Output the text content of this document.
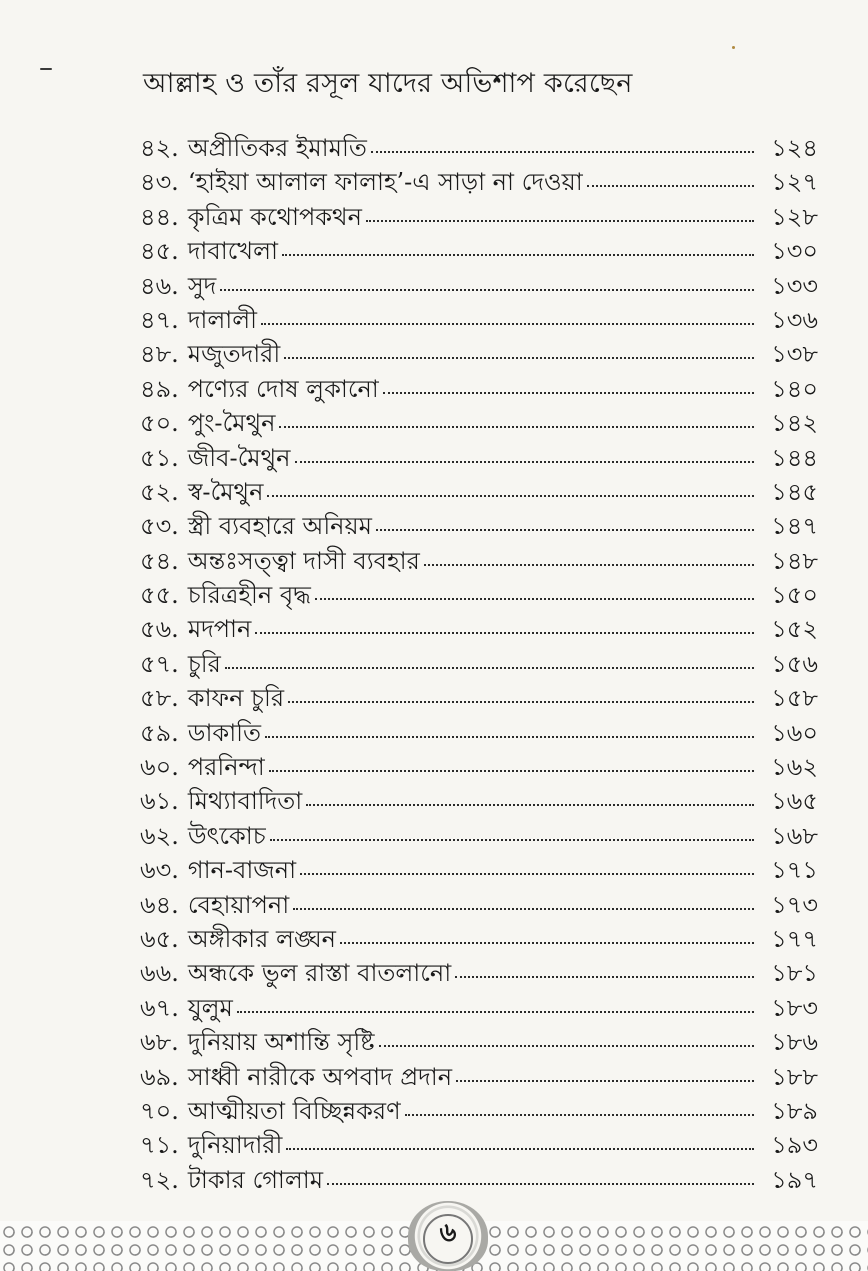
আল্লাহ ও তাঁর রসূল যাদের অভিশাপ করেছেন
৪২. অপ্রীতিকর ইমামতি	১২৪
৪৩. ‘হাইয়া আলাল ফালাহ’-এ সাড়া না দেওয়া	১২৭
৪৪. কৃত্রিম কথোপকথন	১২৮
৪৫. দাবাখেলা	১৩০
৪৬. সুদ	১৩৩
৪৭. দালালী	১৩৬
৪৮. মজুতদারী	১৩৮
৪৯. পণ্যের দোষ লুকানো	১৪০
৫০. পুং-মৈথুন	১৪২
৫১. জীব-মৈথুন	১৪৪
৫২. স্ব-মৈথুন	১৪৫
৫৩. স্ত্রী ব্যবহারে অনিয়ম	১৪৭
৫৪. অন্তঃসত্ত্বা দাসী ব্যবহার	১৪৮
৫৫. চরিত্রহীন বৃদ্ধ	১৫০
৫৬. মদপান	১৫২
৫৭. চুরি	১৫৬
৫৮. কাফন চুরি	১৫৮
৫৯. ডাকাতি	১৬০
৬০. পরনিন্দা	১৬২
৬১. মিথ্যাবাদিতা	১৬৫
৬২. উৎকোচ	১৬৮
৬৩. গান-বাজনা	১৭১
৬৪. বেহায়াপনা	১৭৩
৬৫. অঙ্গীকার লঙ্ঘন	১৭৭
৬৬. অন্ধকে ভুল রাস্তা বাতলানো	১৮১
৬৭. যুলুম	১৮৩
৬৮. দুনিয়ায় অশান্তি সৃষ্টি	১৮৬
৬৯. সাধ্বী নারীকে অপবাদ প্রদান	১৮৮
৭০. আত্মীয়তা বিচ্ছিন্নকরণ	১৮৯
৭১. দুনিয়াদারী	১৯৩
৭২. টাকার গোলাম	১৯৭
৬
